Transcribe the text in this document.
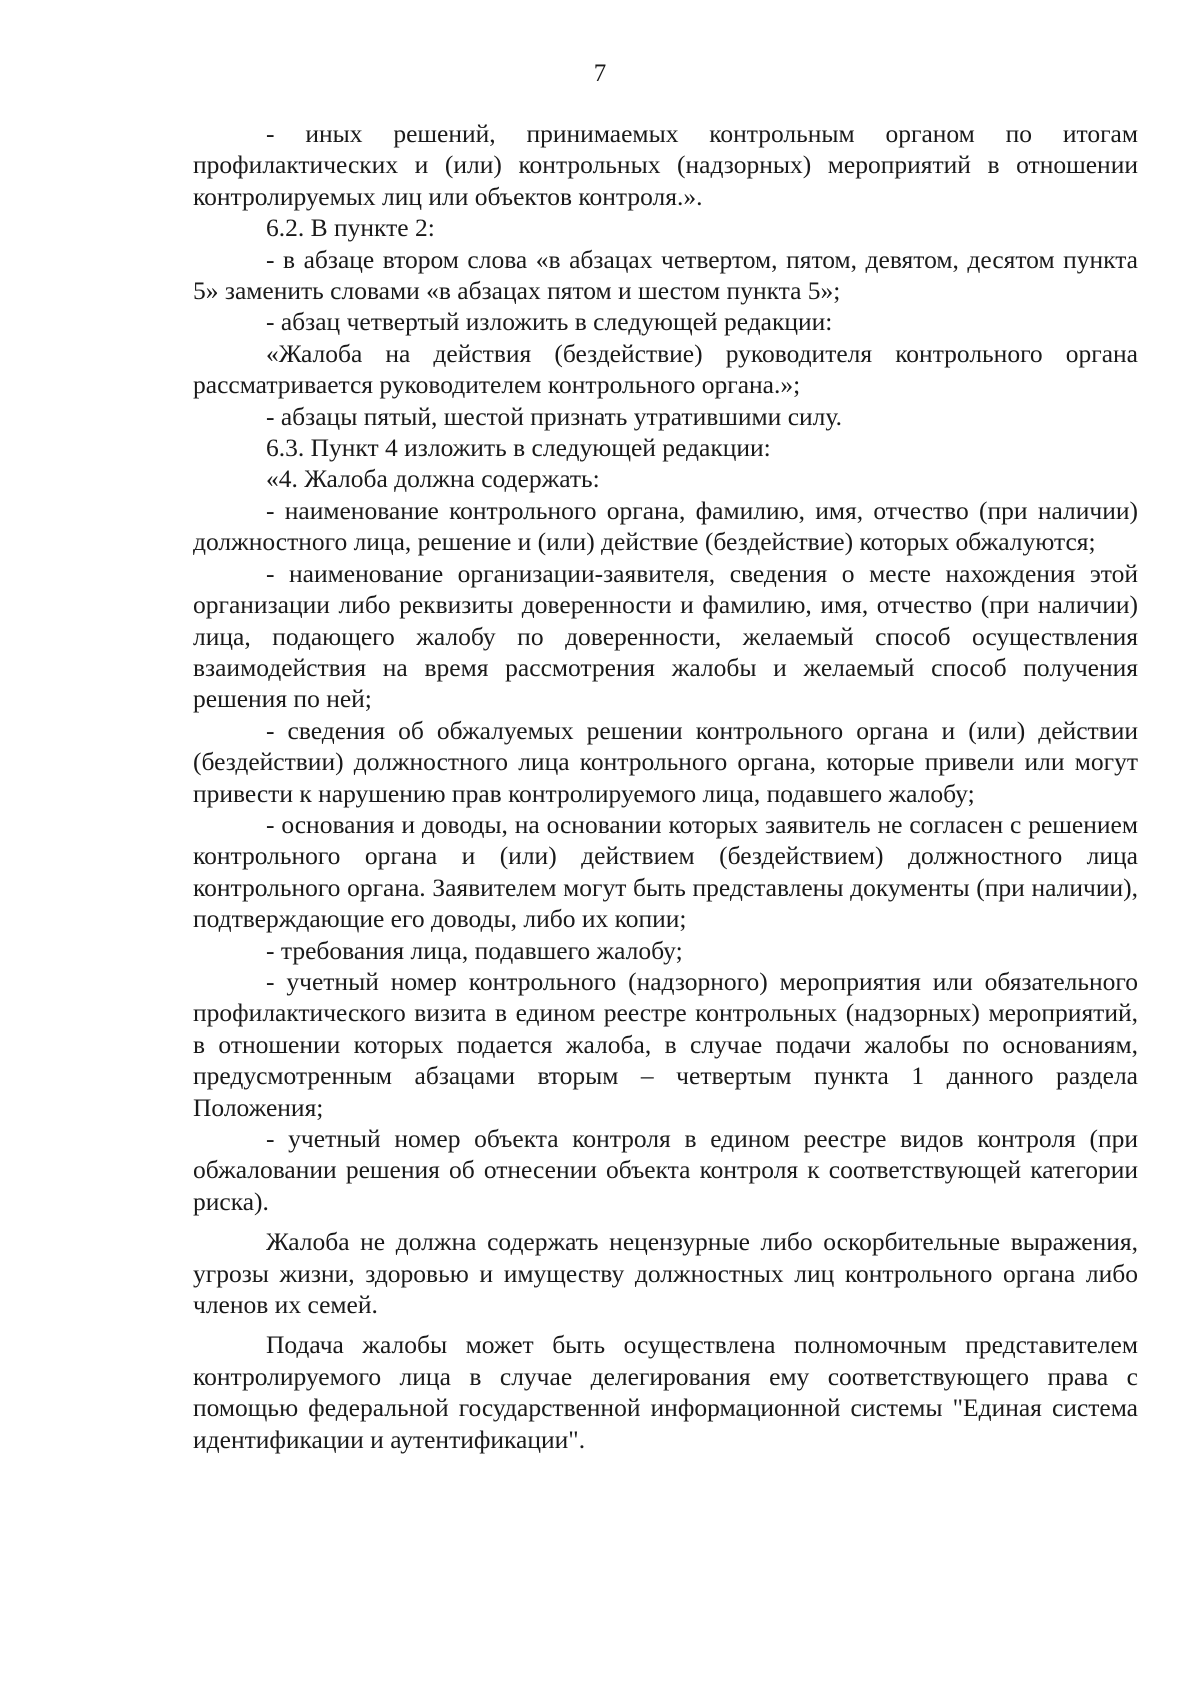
7

- иных решений, принимаемых контрольным органом по итогам профилактических и (или) контрольных (надзорных) мероприятий в отношении контролируемых лиц или объектов контроля.».

6.2. В пункте 2:

- в абзаце втором слова «в абзацах четвертом, пятом, девятом, десятом пункта 5» заменить словами «в абзацах пятом и шестом пункта 5»;

- абзац четвертый изложить в следующей редакции:

«Жалоба на действия (бездействие) руководителя контрольного органа рассматривается руководителем контрольного органа.»;

- абзацы пятый, шестой признать утратившими силу.

6.3. Пункт 4 изложить в следующей редакции:

«4. Жалоба должна содержать:

- наименование контрольного органа, фамилию, имя, отчество (при наличии) должностного лица, решение и (или) действие (бездействие) которых обжалуются;

- наименование организации-заявителя, сведения о месте нахождения этой организации либо реквизиты доверенности и фамилию, имя, отчество (при наличии) лица, подающего жалобу по доверенности, желаемый способ осуществления взаимодействия на время рассмотрения жалобы и желаемый способ получения решения по ней;

- сведения об обжалуемых решении контрольного органа и (или) действии (бездействии) должностного лица контрольного органа, которые привели или могут привести к нарушению прав контролируемого лица, подавшего жалобу;

- основания и доводы, на основании которых заявитель не согласен с решением контрольного органа и (или) действием (бездействием) должностного лица контрольного органа. Заявителем могут быть представлены документы (при наличии), подтверждающие его доводы, либо их копии;

- требования лица, подавшего жалобу;

- учетный номер контрольного (надзорного) мероприятия или обязательного профилактического визита в едином реестре контрольных (надзорных) мероприятий, в отношении которых подается жалоба, в случае подачи жалобы по основаниям, предусмотренным абзацами вторым – четвертым пункта 1 данного раздела Положения;

- учетный номер объекта контроля в едином реестре видов контроля (при обжаловании решения об отнесении объекта контроля к соответствующей категории риска).

Жалоба не должна содержать нецензурные либо оскорбительные выражения, угрозы жизни, здоровью и имуществу должностных лиц контрольного органа либо членов их семей.

Подача жалобы может быть осуществлена полномочным представителем контролируемого лица в случае делегирования ему соответствующего права с помощью федеральной государственной информационной системы "Единая система идентификации и аутентификации".
